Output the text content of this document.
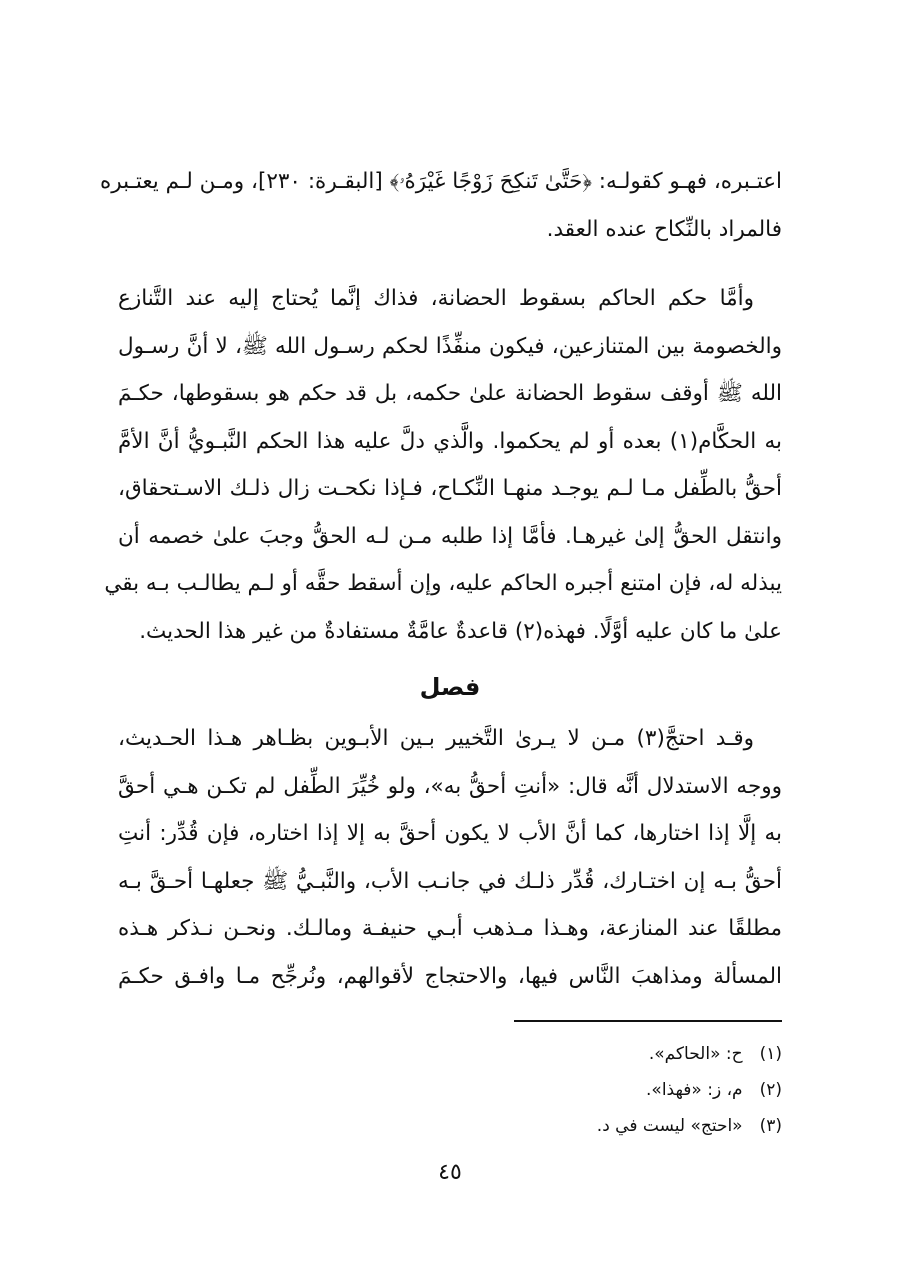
اعتـبره، فهـو كقولـه: ﴿حَتَّىٰ تَنكِحَ زَوْجًا غَيْرَهُۥ﴾ [البقـرة: ٢٣٠]، ومـن لـم يعتـبره
فالمراد بالنِّكاح عنده العقد.

وأمَّا حكم الحاكم بسقوط الحضانة، فذاك إنَّما يُحتاج إليه عند التَّنازع
والخصومة بين المتنازعين، فيكون منفِّذًا لحكم رسـول الله ﷺ، لا أنَّ رسـول
الله ﷺ أوقف سقوط الحضانة علىٰ حكمه، بل قد حكم هو بسقوطها، حكـمَ
به الحكَّام(١) بعده أو لم يحكموا. والَّذي دلَّ عليه هذا الحكم النَّبـويُّ أنَّ الأمَّ
أحقُّ بالطِّفل مـا لـم يوجـد منهـا النِّكـاح، فـإذا نكحـت زال ذلـك الاسـتحقاق،
وانتقل الحقُّ إلىٰ غيرهـا. فأمَّا إذا طلبه مـن لـه الحقُّ وجبَ علىٰ خصمه أن
يبذله له، فإن امتنع أجبره الحاكم عليه، وإن أسقط حقَّه أو لـم يطالـب بـه بقي
علىٰ ما كان عليه أوَّلًا. فهذه(٢) قاعدةٌ عامَّةٌ مستفادةٌ من غير هذا الحديث.

فصل

وقـد احتجَّ(٣) مـن لا يـرىٰ التَّخيير بـين الأبـوين بظـاهر هـذا الحـديث،
ووجه الاستدلال أنَّه قال: «أنتِ أحقُّ به»، ولو خُيِّرَ الطِّفل لم تكـن هـي أحقَّ
به إلَّا إذا اختارها، كما أنَّ الأب لا يكون أحقَّ به إلا إذا اختاره، فإن قُدِّر: أنتِ
أحقُّ بـه إن اختـارك، قُدِّر ذلـك في جانـب الأب، والنَّبـيُّ ﷺ جعلهـا أحـقَّ بـه
مطلقًا عند المنازعة، وهـذا مـذهب أبـي حنيفـة ومالـك. ونحـن نـذكر هـذه
المسألة ومذاهبَ النَّاس فيها، والاحتجاج لأقوالهم، ونُرجِّح مـا وافـق حكـمَ

(١) ح: «الحاكم».
(٢) م، ز: «فهذا».
(٣) «احتج» ليست في د.
٤٥
